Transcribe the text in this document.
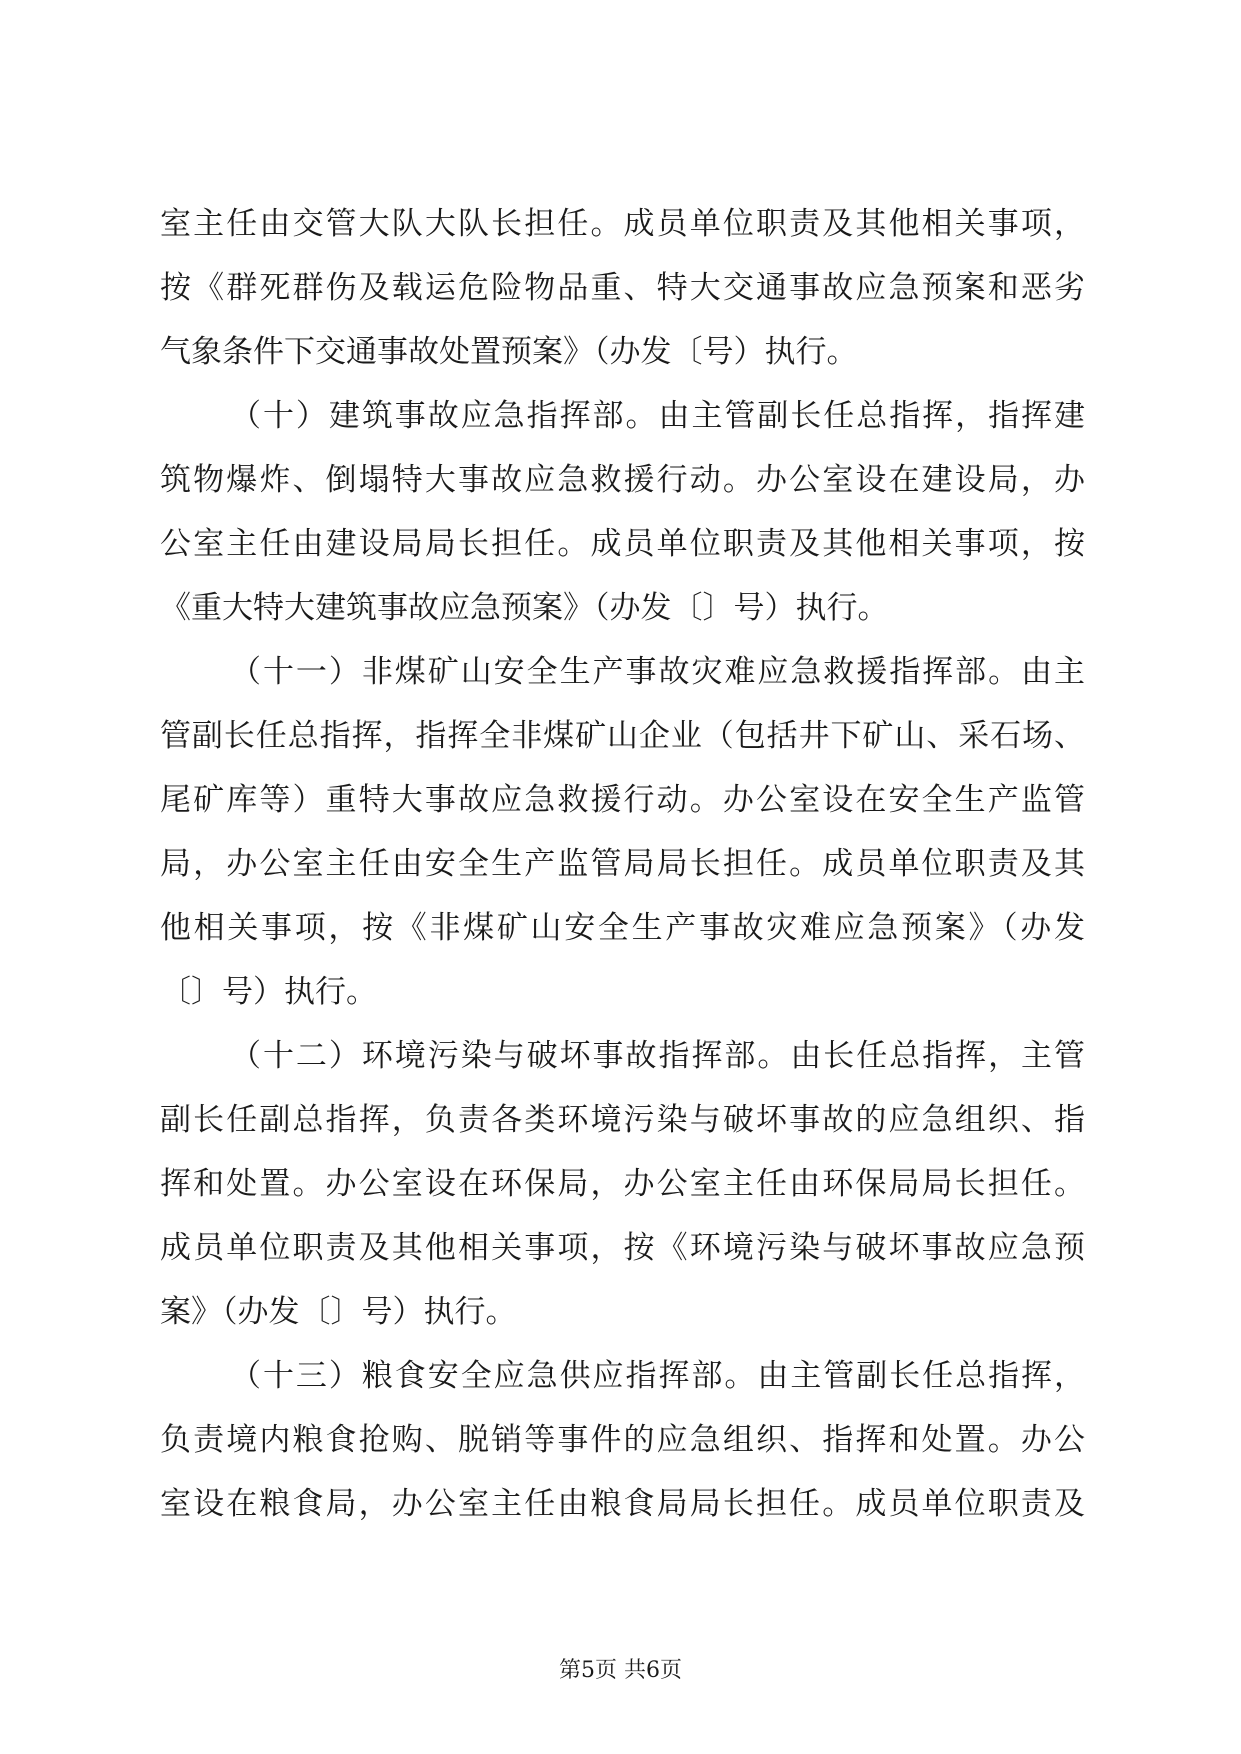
室主任由交管大队大队长担任。成员单位职责及其他相关事项，
按《群死群伤及载运危险物品重、特大交通事故应急预案和恶劣
气象条件下交通事故处置预案》（办发〔号）执行。
（十）建筑事故应急指挥部。由主管副长任总指挥，指挥建
筑物爆炸、倒塌特大事故应急救援行动。办公室设在建设局，办
公室主任由建设局局长担任。成员单位职责及其他相关事项，按
《重大特大建筑事故应急预案》（办发〔〕号）执行。
（十一）非煤矿山安全生产事故灾难应急救援指挥部。由主
管副长任总指挥，指挥全非煤矿山企业（包括井下矿山、采石场、
尾矿库等）重特大事故应急救援行动。办公室设在安全生产监管
局，办公室主任由安全生产监管局局长担任。成员单位职责及其
他相关事项，按《非煤矿山安全生产事故灾难应急预案》（办发
〔〕号）执行。
（十二）环境污染与破坏事故指挥部。由长任总指挥，主管
副长任副总指挥，负责各类环境污染与破坏事故的应急组织、指
挥和处置。办公室设在环保局，办公室主任由环保局局长担任。
成员单位职责及其他相关事项，按《环境污染与破坏事故应急预
案》（办发〔〕号）执行。
（十三）粮食安全应急供应指挥部。由主管副长任总指挥，
负责境内粮食抢购、脱销等事件的应急组织、指挥和处置。办公
室设在粮食局，办公室主任由粮食局局长担任。成员单位职责及
第5页 共6页
